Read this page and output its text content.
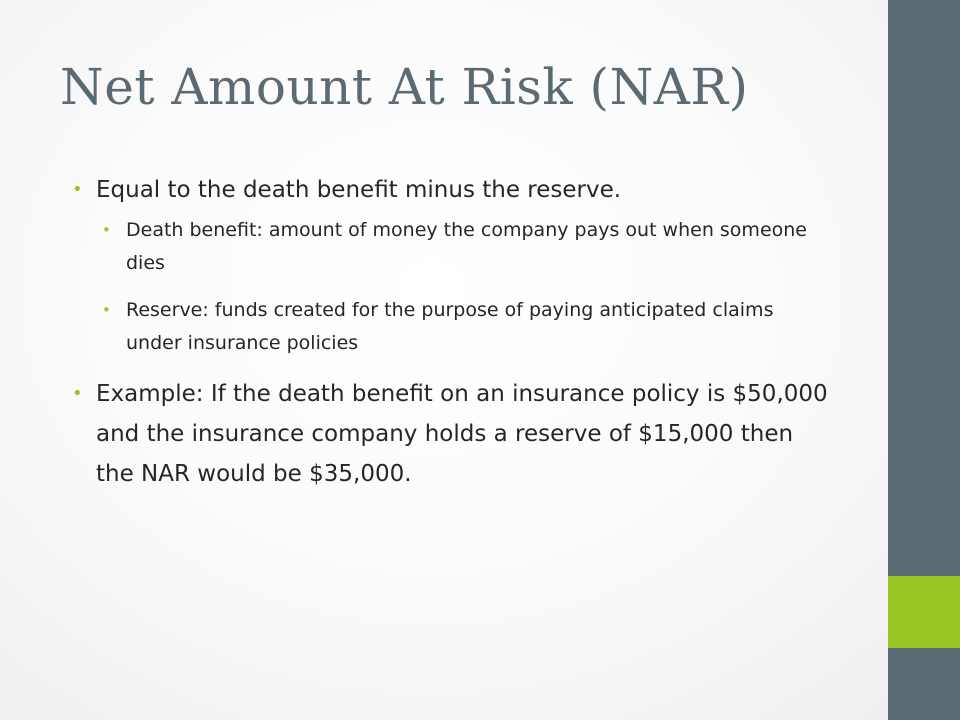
Net Amount At Risk (NAR)
• Equal to the death benefit minus the reserve.
• Death benefit: amount of money the company pays out when someone dies
• Reserve: funds created for the purpose of paying anticipated claims under insurance policies
• Example: If the death benefit on an insurance policy is $50,000 and the insurance company holds a reserve of $15,000 then the NAR would be $35,000.
